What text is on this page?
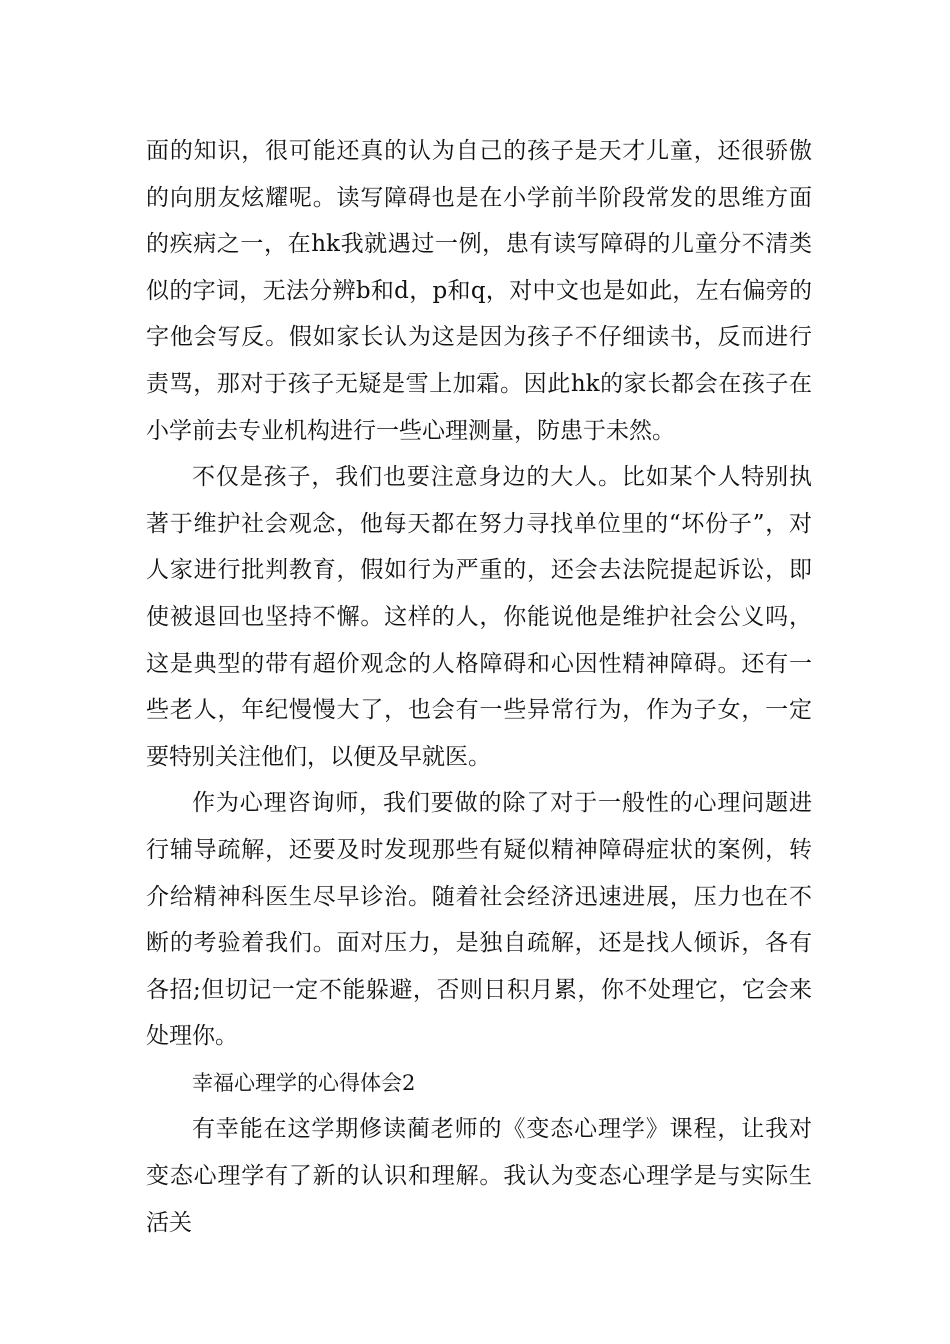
面的知识，很可能还真的认为自己的孩子是天才儿童，还很骄傲的向朋友炫耀呢。读写障碍也是在小学前半阶段常发的思维方面的疾病之一，在hk我就遇过一例，患有读写障碍的儿童分不清类似的字词，无法分辨b和d，p和q，对中文也是如此，左右偏旁的字他会写反。假如家长认为这是因为孩子不仔细读书，反而进行责骂，那对于孩子无疑是雪上加霜。因此hk的家长都会在孩子在小学前去专业机构进行一些心理测量，防患于未然。

不仅是孩子，我们也要注意身边的大人。比如某个人特别执著于维护社会观念，他每天都在努力寻找单位里的“坏份子”，对人家进行批判教育，假如行为严重的，还会去法院提起诉讼，即使被退回也坚持不懈。这样的人，你能说他是维护社会公义吗，这是典型的带有超价观念的人格障碍和心因性精神障碍。还有一些老人，年纪慢慢大了，也会有一些异常行为，作为子女，一定要特别关注他们，以便及早就医。

作为心理咨询师，我们要做的除了对于一般性的心理问题进行辅导疏解，还要及时发现那些有疑似精神障碍症状的案例，转介给精神科医生尽早诊治。随着社会经济迅速进展，压力也在不断的考验着我们。面对压力，是独自疏解，还是找人倾诉，各有各招;但切记一定不能躲避，否则日积月累，你不处理它，它会来处理你。

幸福心理学的心得体会2

有幸能在这学期修读蔺老师的《变态心理学》课程，让我对变态心理学有了新的认识和理解。我认为变态心理学是与实际生活关
